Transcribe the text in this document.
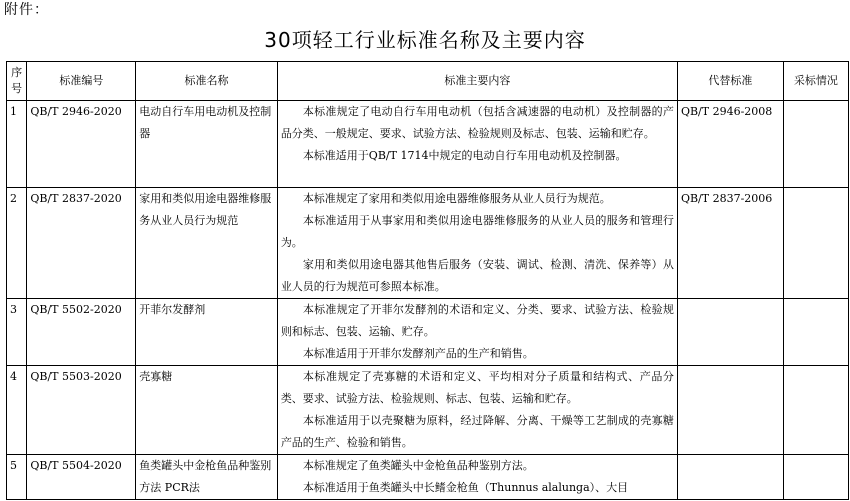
附件：
30项轻工行业标准名称及主要内容
序号	标准编号	标准名称	标准主要内容	代替标准	采标情况
1	QB/T 2946-2020	电动自行车用电动机及控制器	本标准规定了电动自行车用电动机（包括含减速器的电动机）及控制器的产品分类、一般规定、要求、试验方法、检验规则及标志、包装、运输和贮存。
本标准适用于QB/T 1714中规定的电动自行车用电动机及控制器。	QB/T 2946-2008	
2	QB/T 2837-2020	家用和类似用途电器维修服务从业人员行为规范	本标准规定了家用和类似用途电器维修服务从业人员行为规范。
本标准适用于从事家用和类似用途电器维修服务的从业人员的服务和管理行为。
家用和类似用途电器其他售后服务（安装、调试、检测、清洗、保养等）从业人员的行为规范可参照本标准。	QB/T 2837-2006	
3	QB/T 5502-2020	开菲尔发酵剂	本标准规定了开菲尔发酵剂的术语和定义、分类、要求、试验方法、检验规则和标志、包装、运输、贮存。
本标准适用于开菲尔发酵剂产品的生产和销售。		

4	QB/T 5503-2020	壳寡糖	本标准规定了壳寡糖的术语和定义、平均相对分子质量和结构式、产品分类、要求、试验方法、检验规则、标志、包装、运输和贮存。
本标准适用于以壳聚糖为原料，经过降解、分离、干燥等工艺制成的壳寡糖产品的生产、检验和销售。		

5	QB/T 5504-2020	鱼类罐头中金枪鱼品种鉴别方法 PCR法	本标准规定了鱼类罐头中金枪鱼品种鉴别方法。
本标准适用于鱼类罐头中长鳍金枪鱼（Thunnus alalunga）、大目		
